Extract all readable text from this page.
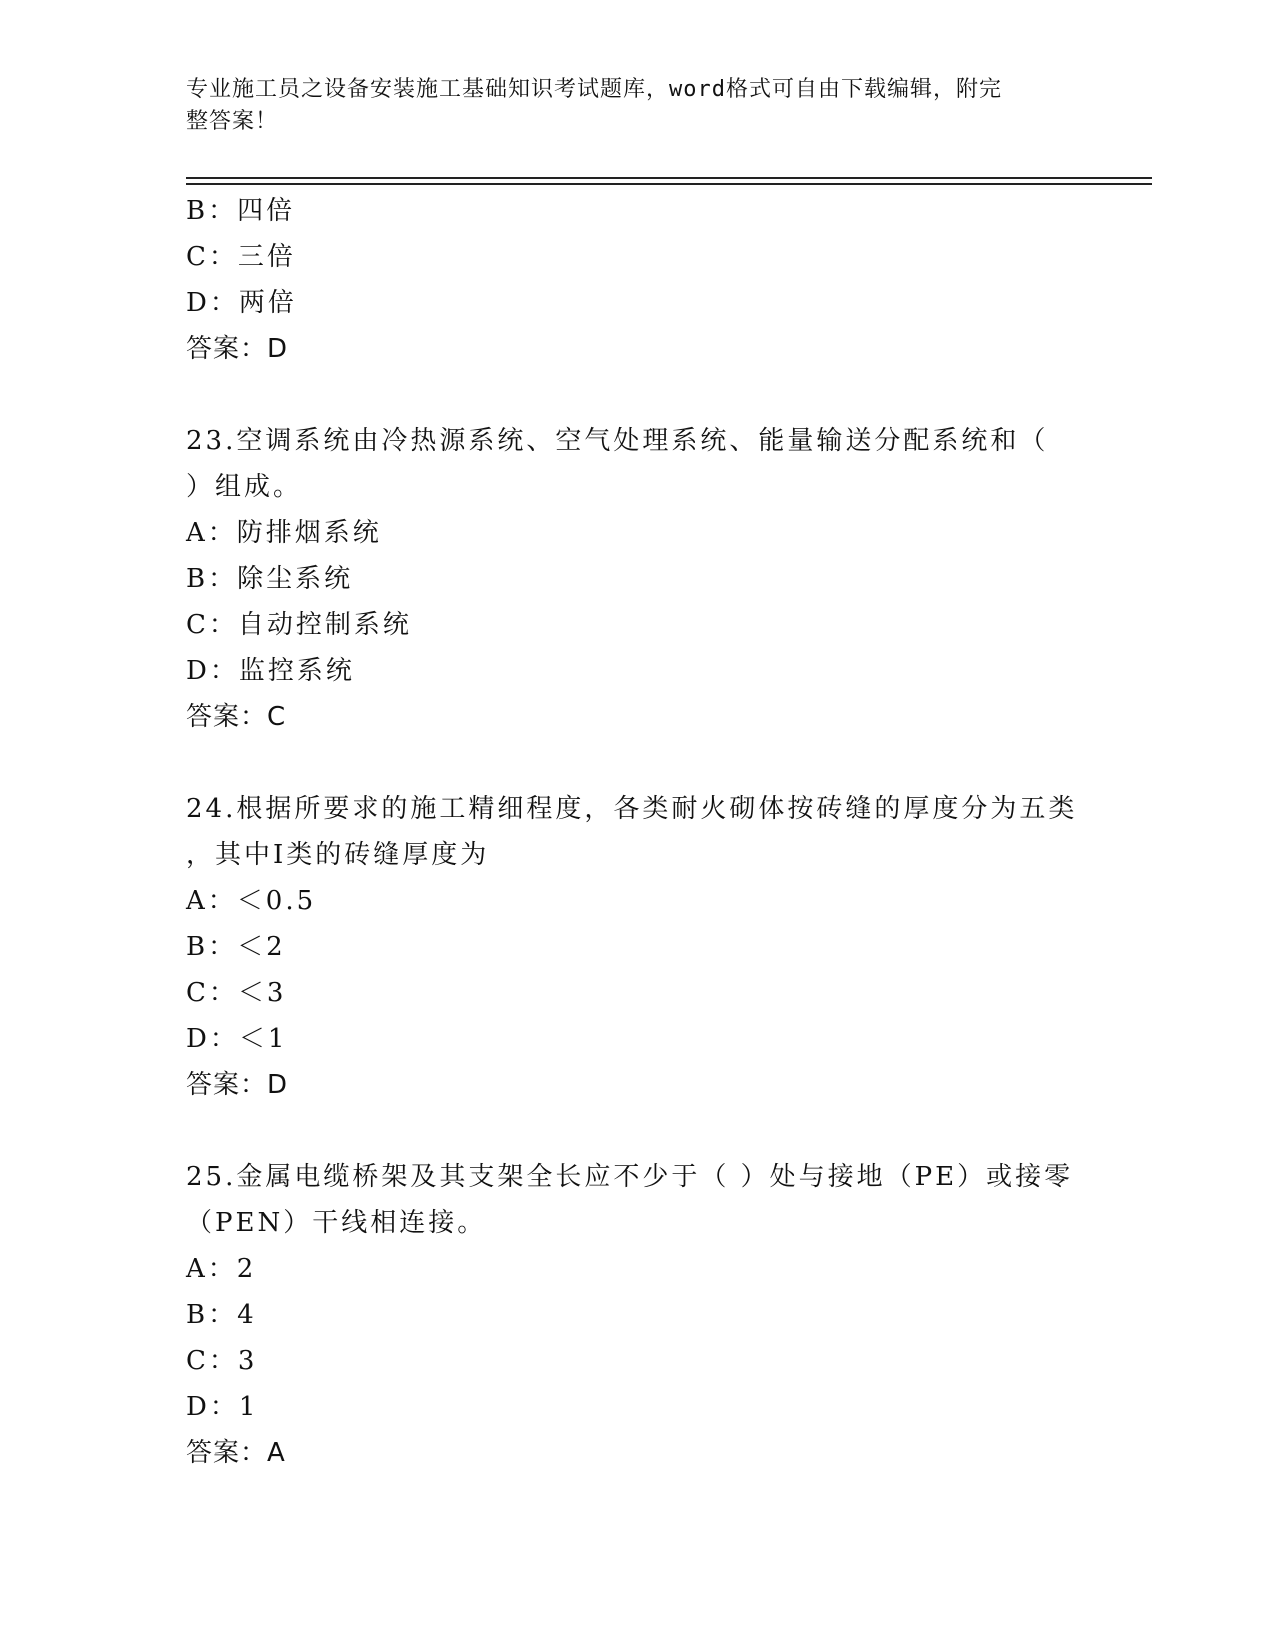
专业施工员之设备安装施工基础知识考试题库，word格式可自由下载编辑，附完
整答案！
B：四倍
C：三倍
D：两倍
答案：D
23.空调系统由冷热源系统、空气处理系统、能量输送分配系统和（
）组成。
A：防排烟系统
B：除尘系统
C：自动控制系统
D：监控系统
答案：C
24.根据所要求的施工精细程度，各类耐火砌体按砖缝的厚度分为五类
，其中Ⅰ类的砖缝厚度为
A：＜0.5
B：＜2
C：＜3
D：＜1
答案：D
25.金属电缆桥架及其支架全长应不少于（ ）处与接地（PE）或接零
（PEN）干线相连接。
A：2
B：4
C：3
D：1
答案：A
